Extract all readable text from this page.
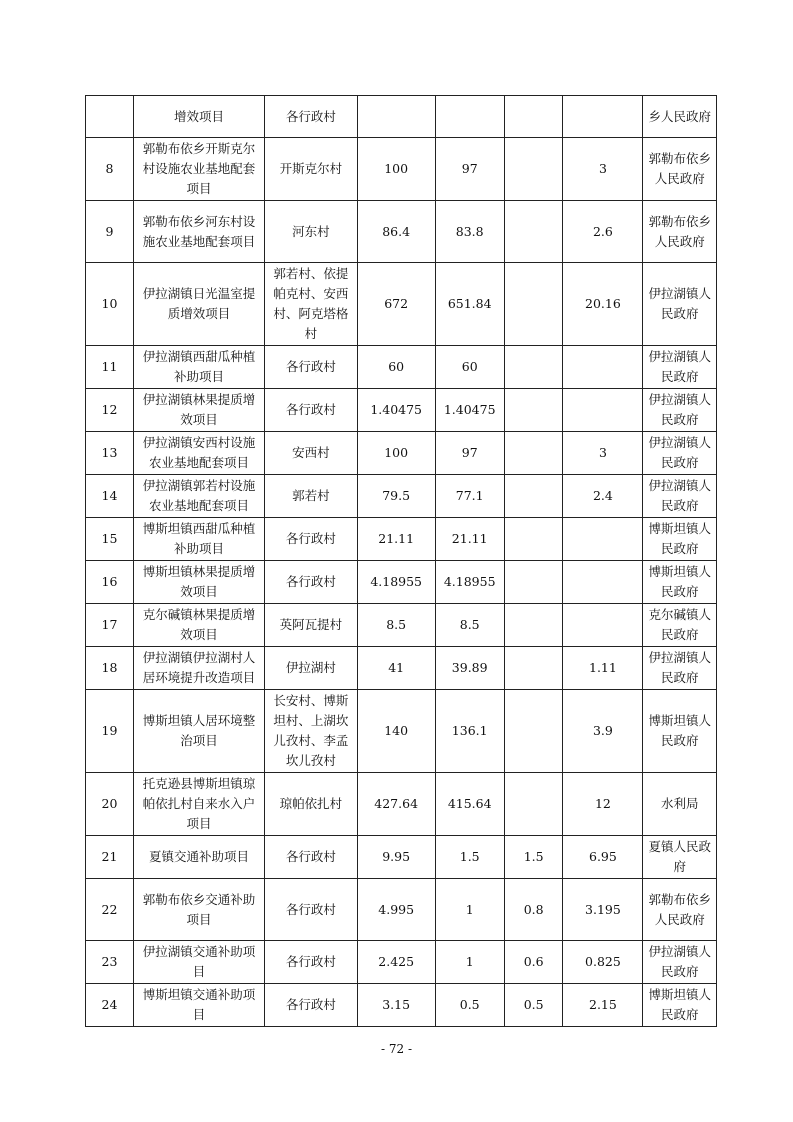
	增效项目	各行政村					乡人民政府
8	郭勒布依乡开斯克尔村设施农业基地配套项目	开斯克尔村	100	97		3	郭勒布依乡人民政府
9	郭勒布依乡河东村设施农业基地配套项目	河东村	86.4	83.8		2.6	郭勒布依乡人民政府
10	伊拉湖镇日光温室提质增效项目	郭若村、依提帕克村、安西村、阿克塔格村	672	651.84		20.16	伊拉湖镇人民政府
11	伊拉湖镇西甜瓜种植补助项目	各行政村	60	60			伊拉湖镇人民政府
12	伊拉湖镇林果提质增效项目	各行政村	1.40475	1.40475			伊拉湖镇人民政府
13	伊拉湖镇安西村设施农业基地配套项目	安西村	100	97		3	伊拉湖镇人民政府
14	伊拉湖镇郭若村设施农业基地配套项目	郭若村	79.5	77.1		2.4	伊拉湖镇人民政府
15	博斯坦镇西甜瓜种植补助项目	各行政村	21.11	21.11			博斯坦镇人民政府
16	博斯坦镇林果提质增效项目	各行政村	4.18955	4.18955			博斯坦镇人民政府
17	克尔碱镇林果提质增效项目	英阿瓦提村	8.5	8.5			克尔碱镇人民政府
18	伊拉湖镇伊拉湖村人居环境提升改造项目	伊拉湖村	41	39.89		1.11	伊拉湖镇人民政府
19	博斯坦镇人居环境整治项目	长安村、博斯坦村、上湖坎儿孜村、李孟坎儿孜村	140	136.1		3.9	博斯坦镇人民政府
20	托克逊县博斯坦镇琼帕依扎村自来水入户项目	琼帕依扎村	427.64	415.64		12	水利局
21	夏镇交通补助项目	各行政村	9.95	1.5	1.5	6.95	夏镇人民政府
22	郭勒布依乡交通补助项目	各行政村	4.995	1	0.8	3.195	郭勒布依乡人民政府
23	伊拉湖镇交通补助项目	各行政村	2.425	1	0.6	0.825	伊拉湖镇人民政府
24	博斯坦镇交通补助项目	各行政村	3.15	0.5	0.5	2.15	博斯坦镇人民政府
- 72 -
